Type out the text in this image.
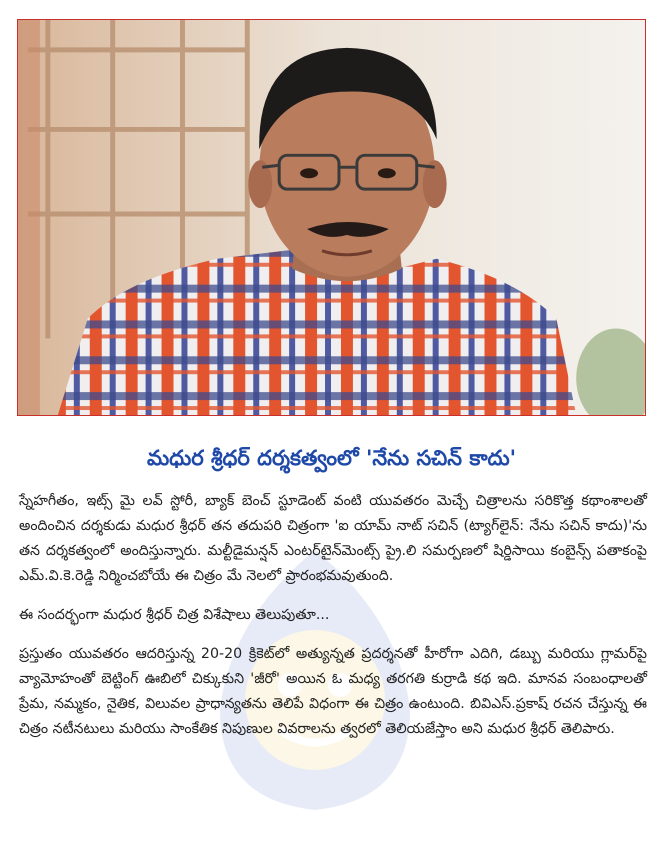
మధుర శ్రీధర్ దర్శకత్వంలో 'నేను సచిన్ కాదు'

స్నేహగీతం, ఇట్స్ మై లవ్ స్టోరీ, బ్యాక్ బెంచ్ స్టూడెంట్ వంటి యువతరం మెచ్చే చిత్రాలను సరికొత్త కథాంశాలతో అందించిన దర్శకుడు మధుర శ్రీధర్ తన తదుపరి చిత్రంగా 'ఐ యామ్ నాట్ సచిన్ (ట్యాగ్‌లైన్: నేను సచిన్ కాదు)'ను తన దర్శకత్వంలో అందిస్తున్నారు. మల్టీడైమన్షన్ ఎంటర్‌టైన్‌మెంట్స్ ప్రై.లి సమర్పణలో షిర్డిసాయి కంబైన్స్ పతాకంపై ఎమ్.వి.కె.రెడ్డి నిర్మించబోయే ఈ చిత్రం మే నెలలో ప్రారంభమవుతుంది.

ఈ సందర్భంగా మధుర శ్రీధర్ చిత్ర విశేషాలు తెలుపుతూ...

ప్రస్తుతం యువతరం ఆదరిస్తున్న 20-20 క్రికెట్‌లో అత్యున్నత ప్రదర్శనతో హీరోగా ఎదిగి, డబ్బు మరియు గ్లామర్‌పై వ్యామోహంతో బెట్టింగ్ ఊబిలో చిక్కుకుని 'జీరో' అయిన ఓ మధ్య తరగతి కుర్రాడి కథ ఇది. మానవ సంబంధాలతో ప్రేమ, నమ్మకం, నైతిక, విలువల ప్రాధాన్యతను తెలిపే విధంగా ఈ చిత్రం ఉంటుంది. బివిఎస్.ప్రకాష్ రచన చేస్తున్న ఈ చిత్రం నటీనటులు మరియు సాంకేతిక నిపుణుల వివరాలను త్వరలో తెలియజేస్తాం అని మధుర శ్రీధర్ తెలిపారు.
